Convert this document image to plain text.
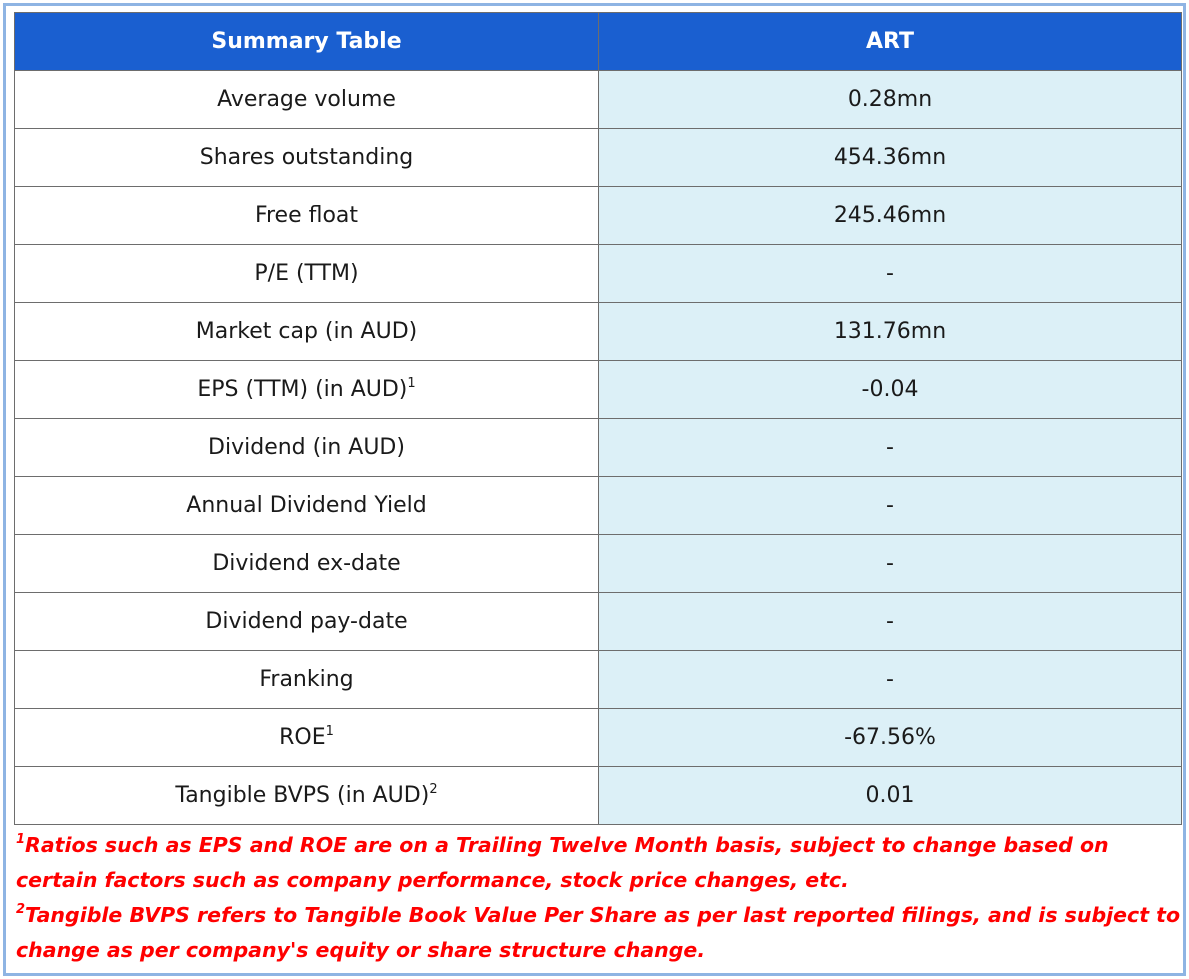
Summary Table	ART
Average volume	0.28mn
Shares outstanding	454.36mn
Free float	245.46mn
P/E (TTM)	-
Market cap (in AUD)	131.76mn
EPS (TTM) (in AUD)$^1$	-0.04
Dividend (in AUD)	-
Annual Dividend Yield	-
Dividend ex-date	-
Dividend pay-date	-
Franking	-
ROE$^1$	-67.56%
Tangible BVPS (in AUD)$^2$	0.01

$^1$Ratios such as EPS and ROE are on a Trailing Twelve Month basis, subject to change based on certain factors such as company performance, stock price changes, etc.

$^2$Tangible BVPS refers to Tangible Book Value Per Share as per last reported filings, and is subject to change as per company's equity or share structure change.
